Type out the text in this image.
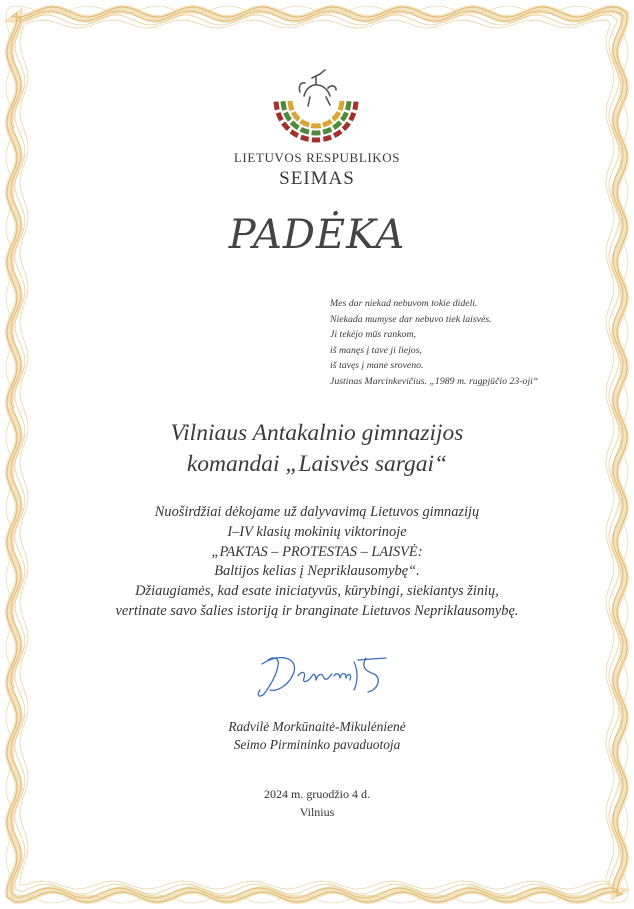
LIETUVOS RESPUBLIKOS
SEIMAS
PADĖKA
Mes dar niekad nebuvom tokie dideli.
Niekada mumyse dar nebuvo tiek laisvės.
Ji tekėjo mūs rankom,
iš manęs į tave ji liejos,
iš tavęs į mane sroveno.
Justinas Marcinkevičius. „1989 m. rugpjūčio 23-oji“
Vilniaus Antakalnio gimnazijos
komandai „Laisvės sargai“
Nuoširdžiai dėkojame už dalyvavimą Lietuvos gimnazijų
I–IV klasių mokinių viktorinoje
„PAKTAS – PROTESTAS – LAISVĖ:
Baltijos kelias į Nepriklausomybę“.
Džiaugiamės, kad esate iniciatyvūs, kūrybingi, siekiantys žinių,
vertinate savo šalies istoriją ir branginate Lietuvos Nepriklausomybę.
Radvilė Morkūnaitė-Mikulėnienė
Seimo Pirmininko pavaduotoja
2024 m. gruodžio 4 d.
Vilnius
